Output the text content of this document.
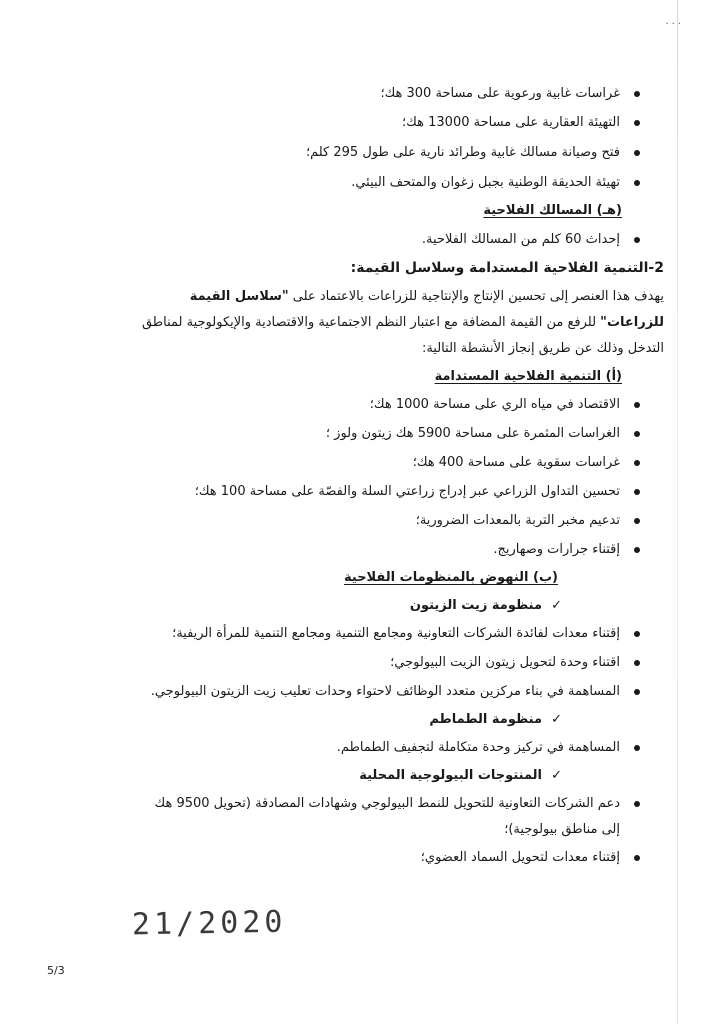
...
غراسات غابية ورعوية على مساحة 300 هك؛
التهيئة العقارية على مساحة 13000 هك؛
فتح وصيانة مسالك غابية وطرائد نارية على طول 295 كلم؛
تهيئة الحديقة الوطنية بجبل زغوان والمتحف البيئي.
(هـ) المسالك الفلاحية
إحداث 60 كلم من المسالك الفلاحية.
2-التنمية الفلاحية المستدامة وسلاسل القيمة:
يهدف هذا العنصر إلى تحسين الإنتاج والإنتاجية للزراعات بالاعتماد على "سلاسل القيمة
للزراعات" للرفع من القيمة المضافة مع اعتبار النظم الاجتماعية والاقتصادية والإيكولوجية لمناطق
التدخل وذلك عن طريق إنجاز الأنشطة التالية:
(أ) التنمية الفلاحية المستدامة
الاقتصاد في مياه الري على مساحة 1000 هك؛
الغراسات المثمرة على مساحة 5900 هك زيتون ولوز ؛
غراسات سقوية على مساحة 400 هك؛
تحسين التداول الزراعي عبر إدراج زراعتي السلة والفصّة على مساحة 100 هك؛
تدعيم مخبر التربة بالمعدات الضرورية؛
إقتناء جرارات وصهاريج.
(ب) النهوض بالمنظومات الفلاحية
✓
منظومة زيت الزيتون
إقتناء معدات لفائدة الشركات التعاونية ومجامع التنمية ومجامع التنمية للمرأة الريفية؛
اقتناء وحدة لتحويل زيتون الزيت البيولوجي؛
المساهمة في بناء مركزين متعدد الوظائف لاحتواء وحدات تعليب زيت الزيتون البيولوجي.
✓
منظومة الطماطم
المساهمة في تركيز وحدة متكاملة لتجفيف الطماطم.
✓
المنتوجات البيولوجية المحلية
دعم الشركات التعاونية للتحويل للنمط البيولوجي وشهادات المصادقة (تحويل 9500 هك
إلى مناطق بيولوجية)؛
إقتناء معدات لتحويل السماد العضوي؛
21/2020
5/3
